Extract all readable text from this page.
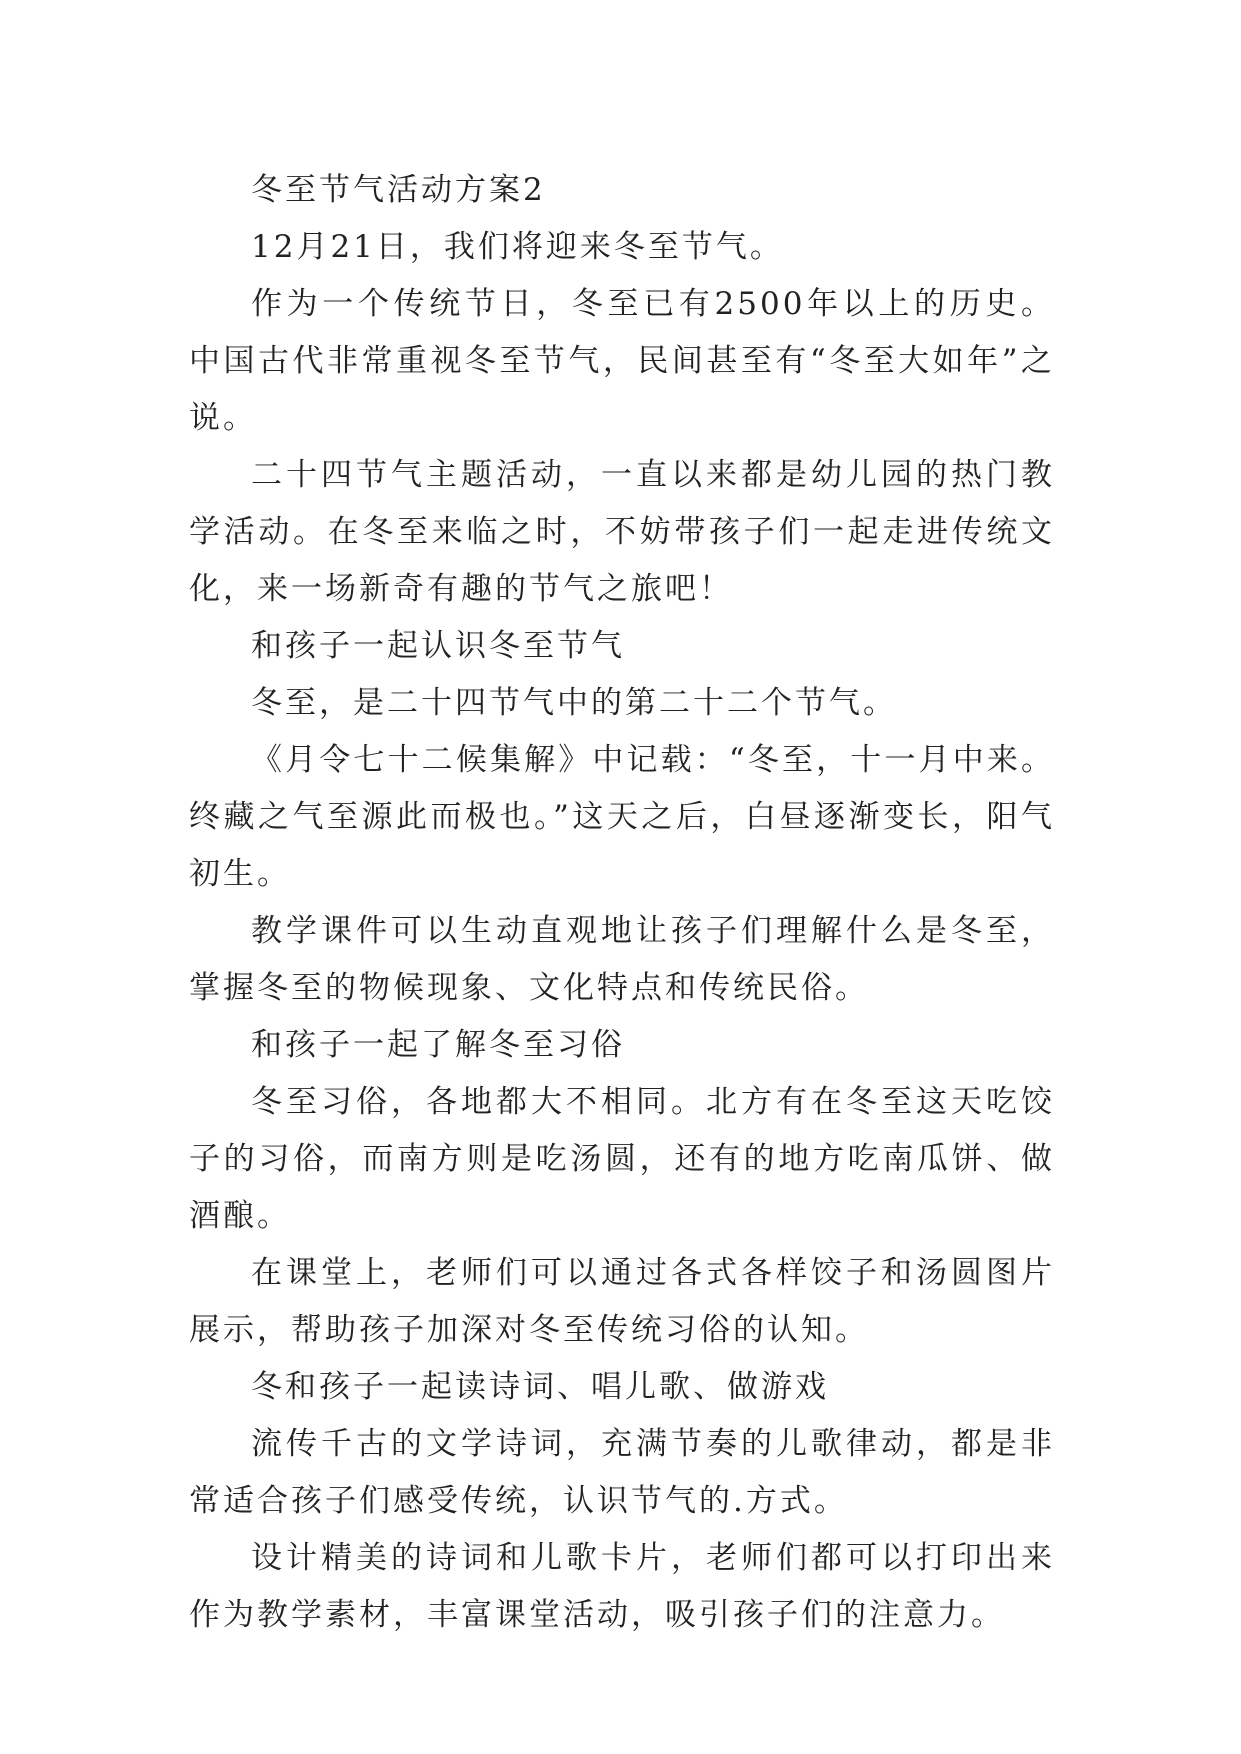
冬至节气活动方案2

12月21日，我们将迎来冬至节气。

作为一个传统节日，冬至已有2500年以上的历史。中国古代非常重视冬至节气，民间甚至有“冬至大如年”之说。

二十四节气主题活动，一直以来都是幼儿园的热门教学活动。在冬至来临之时，不妨带孩子们一起走进传统文化，来一场新奇有趣的节气之旅吧！

和孩子一起认识冬至节气

冬至，是二十四节气中的第二十二个节气。

《月令七十二候集解》中记载：“冬至，十一月中来。终藏之气至源此而极也。”这天之后，白昼逐渐变长，阳气初生。

教学课件可以生动直观地让孩子们理解什么是冬至，掌握冬至的物候现象、文化特点和传统民俗。

和孩子一起了解冬至习俗

冬至习俗，各地都大不相同。北方有在冬至这天吃饺子的习俗，而南方则是吃汤圆，还有的地方吃南瓜饼、做酒酿。

在课堂上，老师们可以通过各式各样饺子和汤圆图片展示，帮助孩子加深对冬至传统习俗的认知。

冬和孩子一起读诗词、唱儿歌、做游戏

流传千古的文学诗词，充满节奏的儿歌律动，都是非常适合孩子们感受传统，认识节气的.方式。

设计精美的诗词和儿歌卡片，老师们都可以打印出来作为教学素材，丰富课堂活动，吸引孩子们的注意力。
